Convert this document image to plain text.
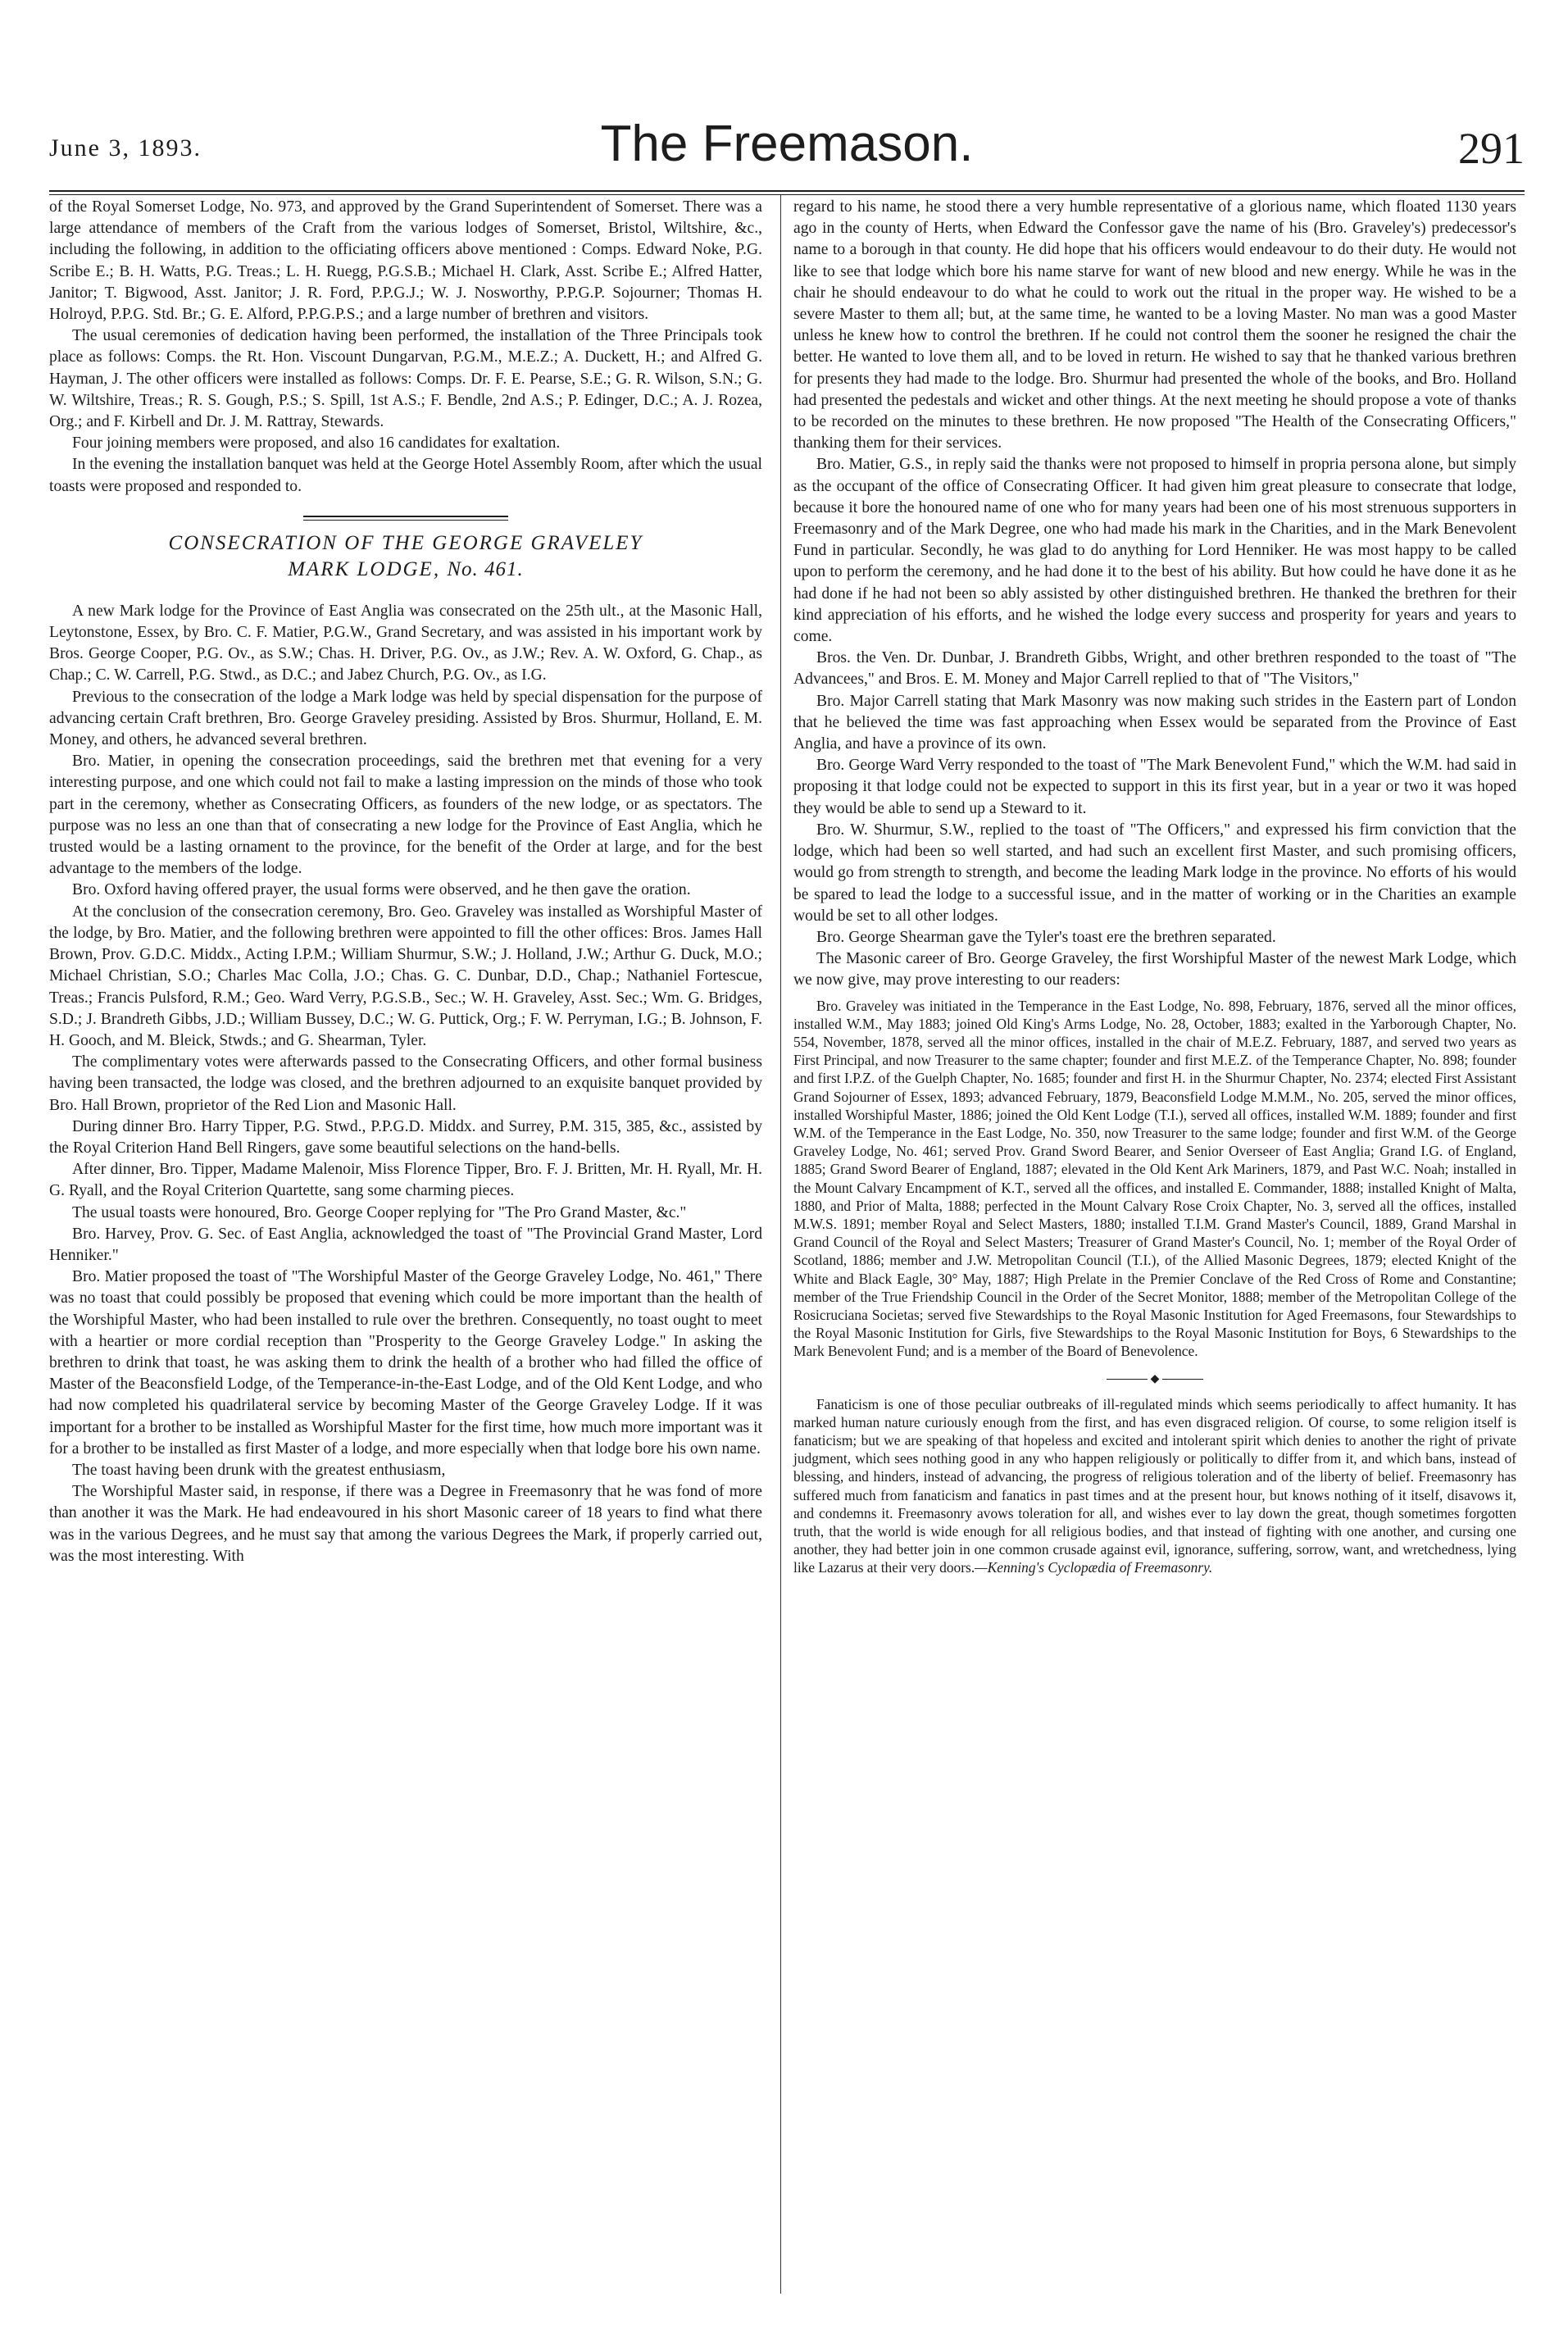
June 3, 1893.	The Freemason.	291

of the Royal Somerset Lodge, No. 973, and approved by the Grand Superintendent of Somerset. There was a large attendance of members of the Craft from the various lodges of Somerset, Bristol, Wiltshire, &c., including the following, in addition to the officiating officers above mentioned : Comps. Edward Noke, P.G. Scribe E.; B. H. Watts, P.G. Treas.; L. H. Ruegg, P.G.S.B.; Michael H. Clark, Asst. Scribe E.; Alfred Hatter, Janitor; T. Bigwood, Asst. Janitor; J. R. Ford, P.P.G.J.; W. J. Nosworthy, P.P.G.P. Sojourner; Thomas H. Holroyd, P.P.G. Std. Br.; G. E. Alford, P.P.G.P.S.; and a large number of brethren and visitors.

The usual ceremonies of dedication having been performed, the installation of the Three Principals took place as follows: Comps. the Rt. Hon. Viscount Dungarvan, P.G.M., M.E.Z.; A. Duckett, H.; and Alfred G. Hayman, J. The other officers were installed as follows: Comps. Dr. F. E. Pearse, S.E.; G. R. Wilson, S.N.; G. W. Wiltshire, Treas.; R. S. Gough, P.S.; S. Spill, 1st A.S.; F. Bendle, 2nd A.S.; P. Edinger, D.C.; A. J. Rozea, Org.; and F. Kirbell and Dr. J. M. Rattray, Stewards.

Four joining members were proposed, and also 16 candidates for exaltation.

In the evening the installation banquet was held at the George Hotel Assembly Room, after which the usual toasts were proposed and responded to.

CONSECRATION OF THE GEORGE GRAVELEY
MARK LODGE, No. 461.

A new Mark lodge for the Province of East Anglia was consecrated on the 25th ult., at the Masonic Hall, Leytonstone, Essex, by Bro. C. F. Matier, P.G.W., Grand Secretary, and was assisted in his important work by Bros. George Cooper, P.G. Ov., as S.W.; Chas. H. Driver, P.G. Ov., as J.W.; Rev. A. W. Oxford, G. Chap., as Chap.; C. W. Carrell, P.G. Stwd., as D.C.; and Jabez Church, P.G. Ov., as I.G.

Previous to the consecration of the lodge a Mark lodge was held by special dispensation for the purpose of advancing certain Craft brethren, Bro. George Graveley presiding. Assisted by Bros. Shurmur, Holland, E. M. Money, and others, he advanced several brethren.

Bro. Matier, in opening the consecration proceedings, said the brethren met that evening for a very interesting purpose, and one which could not fail to make a lasting impression on the minds of those who took part in the ceremony, whether as Consecrating Officers, as founders of the new lodge, or as spectators. The purpose was no less an one than that of consecrating a new lodge for the Province of East Anglia, which he trusted would be a lasting ornament to the province, for the benefit of the Order at large, and for the best advantage to the members of the lodge.

Bro. Oxford having offered prayer, the usual forms were observed, and he then gave the oration.

At the conclusion of the consecration ceremony, Bro. Geo. Graveley was installed as Worshipful Master of the lodge, by Bro. Matier, and the following brethren were appointed to fill the other offices: Bros. James Hall Brown, Prov. G.D.C. Middx., Acting I.P.M.; William Shurmur, S.W.; J. Holland, J.W.; Arthur G. Duck, M.O.; Michael Christian, S.O.; Charles Mac Colla, J.O.; Chas. G. C. Dunbar, D.D., Chap.; Nathaniel Fortescue, Treas.; Francis Pulsford, R.M.; Geo. Ward Verry, P.G.S.B., Sec.; W. H. Graveley, Asst. Sec.; Wm. G. Bridges, S.D.; J. Brandreth Gibbs, J.D.; William Bussey, D.C.; W. G. Puttick, Org.; F. W. Perryman, I.G.; B. Johnson, F. H. Gooch, and M. Bleick, Stwds.; and G. Shearman, Tyler.

The complimentary votes were afterwards passed to the Consecrating Officers, and other formal business having been transacted, the lodge was closed, and the brethren adjourned to an exquisite banquet provided by Bro. Hall Brown, proprietor of the Red Lion and Masonic Hall.

During dinner Bro. Harry Tipper, P.G. Stwd., P.P.G.D. Middx. and Surrey, P.M. 315, 385, &c., assisted by the Royal Criterion Hand Bell Ringers, gave some beautiful selections on the hand-bells.

After dinner, Bro. Tipper, Madame Malenoir, Miss Florence Tipper, Bro. F. J. Britten, Mr. H. Ryall, Mr. H. G. Ryall, and the Royal Criterion Quartette, sang some charming pieces.

The usual toasts were honoured, Bro. George Cooper replying for "The Pro Grand Master, &c."

Bro. Harvey, Prov. G. Sec. of East Anglia, acknowledged the toast of "The Provincial Grand Master, Lord Henniker."

Bro. Matier proposed the toast of "The Worshipful Master of the George Graveley Lodge, No. 461," There was no toast that could possibly be proposed that evening which could be more important than the health of the Worshipful Master, who had been installed to rule over the brethren. Consequently, no toast ought to meet with a heartier or more cordial reception than "Prosperity to the George Graveley Lodge." In asking the brethren to drink that toast, he was asking them to drink the health of a brother who had filled the office of Master of the Beaconsfield Lodge, of the Temperance-in-the-East Lodge, and of the Old Kent Lodge, and who had now completed his quadrilateral service by becoming Master of the George Graveley Lodge. If it was important for a brother to be installed as Worshipful Master for the first time, how much more important was it for a brother to be installed as first Master of a lodge, and more especially when that lodge bore his own name.

The toast having been drunk with the greatest enthusiasm,

The Worshipful Master said, in response, if there was a Degree in Freemasonry that he was fond of more than another it was the Mark. He had endeavoured in his short Masonic career of 18 years to find what there was in the various Degrees, and he must say that among the various Degrees the Mark, if properly carried out, was the most interesting. With

regard to his name, he stood there a very humble representative of a glorious name, which floated 1130 years ago in the county of Herts, when Edward the Confessor gave the name of his (Bro. Graveley's) predecessor's name to a borough in that county. He did hope that his officers would endeavour to do their duty. He would not like to see that lodge which bore his name starve for want of new blood and new energy. While he was in the chair he should endeavour to do what he could to work out the ritual in the proper way. He wished to be a severe Master to them all; but, at the same time, he wanted to be a loving Master. No man was a good Master unless he knew how to control the brethren. If he could not control them the sooner he resigned the chair the better. He wanted to love them all, and to be loved in return. He wished to say that he thanked various brethren for presents they had made to the lodge. Bro. Shurmur had presented the whole of the books, and Bro. Holland had presented the pedestals and wicket and other things. At the next meeting he should propose a vote of thanks to be recorded on the minutes to these brethren. He now proposed "The Health of the Consecrating Officers," thanking them for their services.

Bro. Matier, G.S., in reply said the thanks were not proposed to himself in propria persona alone, but simply as the occupant of the office of Consecrating Officer. It had given him great pleasure to consecrate that lodge, because it bore the honoured name of one who for many years had been one of his most strenuous supporters in Freemasonry and of the Mark Degree, one who had made his mark in the Charities, and in the Mark Benevolent Fund in particular. Secondly, he was glad to do anything for Lord Henniker. He was most happy to be called upon to perform the ceremony, and he had done it to the best of his ability. But how could he have done it as he had done if he had not been so ably assisted by other distinguished brethren. He thanked the brethren for their kind appreciation of his efforts, and he wished the lodge every success and prosperity for years and years to come.

Bros. the Ven. Dr. Dunbar, J. Brandreth Gibbs, Wright, and other brethren responded to the toast of "The Advancees," and Bros. E. M. Money and Major Carrell replied to that of "The Visitors,"

Bro. Major Carrell stating that Mark Masonry was now making such strides in the Eastern part of London that he believed the time was fast approaching when Essex would be separated from the Province of East Anglia, and have a province of its own.

Bro. George Ward Verry responded to the toast of "The Mark Benevolent Fund," which the W.M. had said in proposing it that lodge could not be expected to support in this its first year, but in a year or two it was hoped they would be able to send up a Steward to it.

Bro. W. Shurmur, S.W., replied to the toast of "The Officers," and expressed his firm conviction that the lodge, which had been so well started, and had such an excellent first Master, and such promising officers, would go from strength to strength, and become the leading Mark lodge in the province. No efforts of his would be spared to lead the lodge to a successful issue, and in the matter of working or in the Charities an example would be set to all other lodges.

Bro. George Shearman gave the Tyler's toast ere the brethren separated.

The Masonic career of Bro. George Graveley, the first Worshipful Master of the newest Mark Lodge, which we now give, may prove interesting to our readers:

Bro. Graveley was initiated in the Temperance in the East Lodge, No. 898, February, 1876, served all the minor offices, installed W.M., May 1883; joined Old King's Arms Lodge, No. 28, October, 1883; exalted in the Yarborough Chapter, No. 554, November, 1878, served all the minor offices, installed in the chair of M.E.Z. February, 1887, and served two years as First Principal, and now Treasurer to the same chapter; founder and first M.E.Z. of the Temperance Chapter, No. 898; founder and first I.P.Z. of the Guelph Chapter, No. 1685; founder and first H. in the Shurmur Chapter, No. 2374; elected First Assistant Grand Sojourner of Essex, 1893; advanced February, 1879, Beaconsfield Lodge M.M.M., No. 205, served the minor offices, installed Worshipful Master, 1886; joined the Old Kent Lodge (T.I.), served all offices, installed W.M. 1889; founder and first W.M. of the Temperance in the East Lodge, No. 350, now Treasurer to the same lodge; founder and first W.M. of the George Graveley Lodge, No. 461; served Prov. Grand Sword Bearer, and Senior Overseer of East Anglia; Grand I.G. of England, 1885; Grand Sword Bearer of England, 1887; elevated in the Old Kent Ark Mariners, 1879, and Past W.C. Noah; installed in the Mount Calvary Encampment of K.T., served all the offices, and installed E. Commander, 1888; installed Knight of Malta, 1880, and Prior of Malta, 1888; perfected in the Mount Calvary Rose Croix Chapter, No. 3, served all the offices, installed M.W.S. 1891; member Royal and Select Masters, 1880; installed T.I.M. Grand Master's Council, 1889, Grand Marshal in Grand Council of the Royal and Select Masters; Treasurer of Grand Master's Council, No. 1; member of the Royal Order of Scotland, 1886; member and J.W. Metropolitan Council (T.I.), of the Allied Masonic Degrees, 1879; elected Knight of the White and Black Eagle, 30° May, 1887; High Prelate in the Premier Conclave of the Red Cross of Rome and Constantine; member of the True Friendship Council in the Order of the Secret Monitor, 1888; member of the Metropolitan College of the Rosicruciana Societas; served five Stewardships to the Royal Masonic Institution for Aged Freemasons, four Stewardships to the Royal Masonic Institution for Girls, five Stewardships to the Royal Masonic Institution for Boys, 6 Stewardships to the Mark Benevolent Fund; and is a member of the Board of Benevolence.

◆

Fanaticism is one of those peculiar outbreaks of ill-regulated minds which seems periodically to affect humanity. It has marked human nature curiously enough from the first, and has even disgraced religion. Of course, to some religion itself is fanaticism; but we are speaking of that hopeless and excited and intolerant spirit which denies to another the right of private judgment, which sees nothing good in any who happen religiously or politically to differ from it, and which bans, instead of blessing, and hinders, instead of advancing, the progress of religious toleration and of the liberty of belief. Freemasonry has suffered much from fanaticism and fanatics in past times and at the present hour, but knows nothing of it itself, disavows it, and condemns it. Freemasonry avows toleration for all, and wishes ever to lay down the great, though sometimes forgotten truth, that the world is wide enough for all religious bodies, and that instead of fighting with one another, and cursing one another, they had better join in one common crusade against evil, ignorance, suffering, sorrow, want, and wretchedness, lying like Lazarus at their very doors.—Kenning's Cyclopædia of Freemasonry.
